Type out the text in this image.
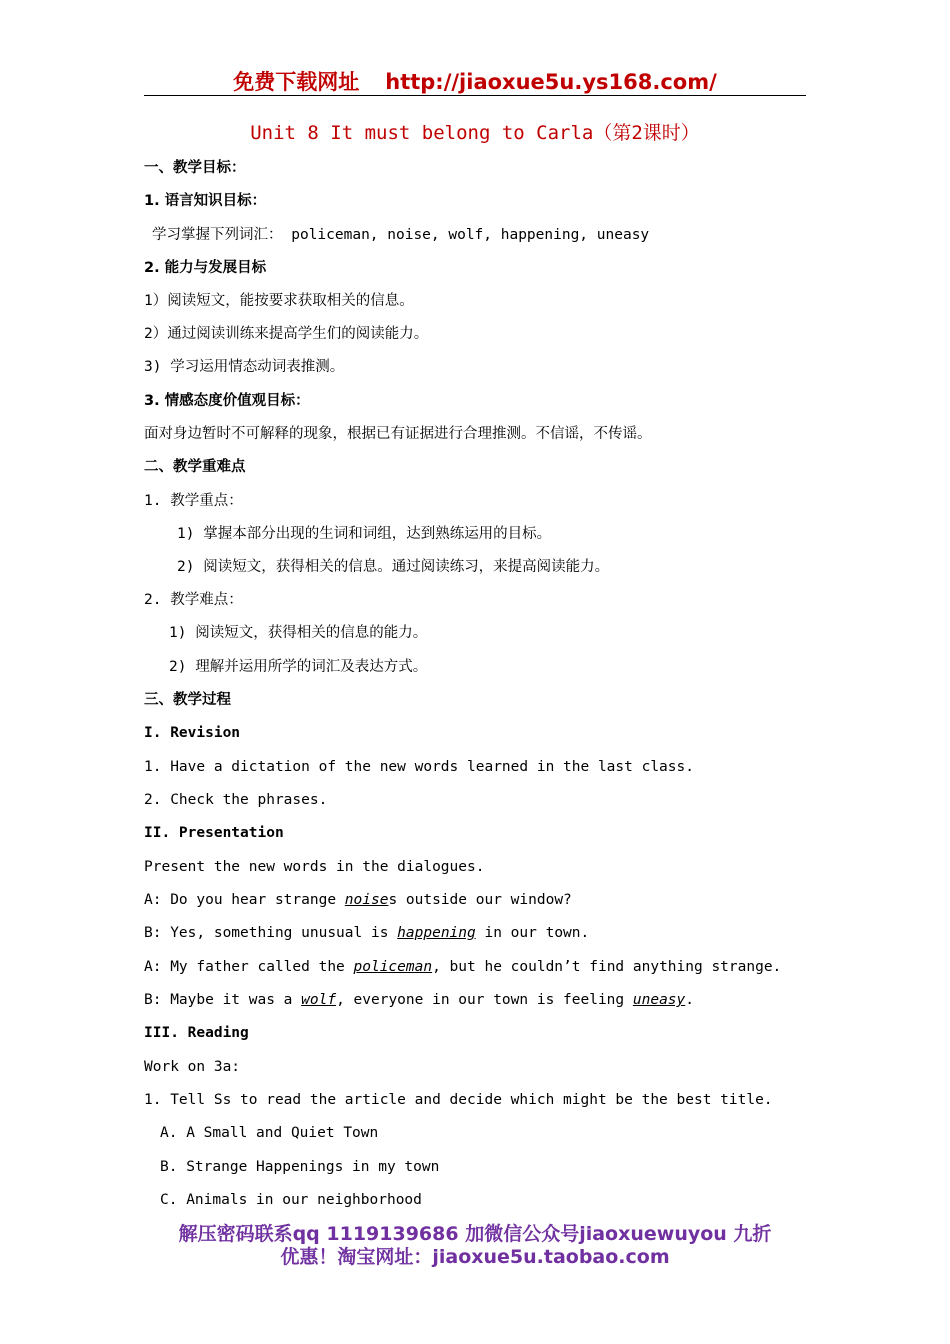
免费下载网址 http://jiaoxue5u.ys168.com/
Unit 8 It must belong to Carla（第2课时）
一、教学目标：
1. 语言知识目标：
学习掌握下列词汇： policeman, noise, wolf, happening, uneasy
2. 能力与发展目标
1）阅读短文，能按要求获取相关的信息。
2）通过阅读训练来提高学生们的阅读能力。
3) 学习运用情态动词表推测。
3. 情感态度价值观目标：
面对身边暂时不可解释的现象，根据已有证据进行合理推测。不信谣，不传谣。
二、教学重难点
1. 教学重点：
1) 掌握本部分出现的生词和词组，达到熟练运用的目标。
2) 阅读短文，获得相关的信息。通过阅读练习，来提高阅读能力。
2. 教学难点：
1) 阅读短文，获得相关的信息的能力。
2) 理解并运用所学的词汇及表达方式。
三、教学过程
I. Revision
1. Have a dictation of the new words learned in the last class.
2. Check the phrases.
II. Presentation
Present the new words in the dialogues.
A: Do you hear strange noises outside our window?
B: Yes, something unusual is happening in our town.
A: My father called the policeman, but he couldn’t find anything strange.
B: Maybe it was a wolf, everyone in our town is feeling uneasy.
III. Reading
Work on 3a:
1. Tell Ss to read the article and decide which might be the best title.
A. A Small and Quiet Town
B. Strange Happenings in my town
C. Animals in our neighborhood
解压密码联系qq 1119139686 加微信公众号jiaoxuewuyou 九折
优惠！淘宝网址：jiaoxue5u.taobao.com
